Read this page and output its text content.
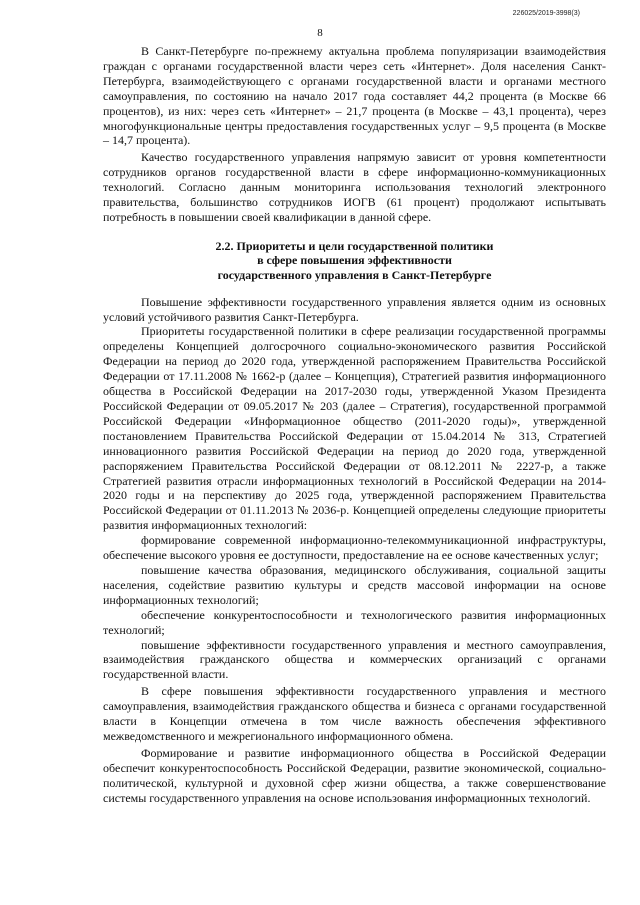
226025/2019-3998(3)
8

В Санкт-Петербурге по-прежнему актуальна проблема популяризации взаимодействия граждан с органами государственной власти через сеть «Интернет». Доля населения Санкт-Петербурга, взаимодействующего с органами государственной власти и органами местного самоуправления, по состоянию на начало 2017 года составляет 44,2 процента (в Москве 66 процентов), из них: через сеть «Интернет» – 21,7 процента (в Москве – 43,1 процента), через многофункциональные центры предоставления государственных услуг – 9,5 процента (в Москве – 14,7 процента).

Качество государственного управления напрямую зависит от уровня компетентности сотрудников органов государственной власти в сфере информационно-коммуникационных технологий. Согласно данным мониторинга использования технологий электронного правительства, большинство сотрудников ИОГВ (61 процент) продолжают испытывать потребность в повышении своей квалификации в данной сфере.

2.2. Приоритеты и цели государственной политики
в сфере повышения эффективности
государственного управления в Санкт-Петербурге

Повышение эффективности государственного управления является одним из основных условий устойчивого развития Санкт-Петербурга.

Приоритеты государственной политики в сфере реализации государственной программы определены Концепцией долгосрочного социально-экономического развития Российской Федерации на период до 2020 года, утвержденной распоряжением Правительства Российской Федерации от 17.11.2008 № 1662-р (далее – Концепция), Стратегией развития информационного общества в Российской Федерации на 2017-2030 годы, утвержденной Указом Президента Российской Федерации от 09.05.2017 № 203 (далее – Стратегия), государственной программой Российской Федерации «Информационное общество (2011-2020 годы)», утвержденной постановлением Правительства Российской Федерации от 15.04.2014 № 313, Стратегией инновационного развития Российской Федерации на период до 2020 года, утвержденной распоряжением Правительства Российской Федерации от 08.12.2011 № 2227-р, а также Стратегией развития отрасли информационных технологий в Российской Федерации на 2014-2020 годы и на перспективу до 2025 года, утвержденной распоряжением Правительства Российской Федерации от 01.11.2013 № 2036-р. Концепцией определены следующие приоритеты развития информационных технологий:

формирование современной информационно-телекоммуникационной инфраструктуры, обеспечение высокого уровня ее доступности, предоставление на ее основе качественных услуг;

повышение качества образования, медицинского обслуживания, социальной защиты населения, содействие развитию культуры и средств массовой информации на основе информационных технологий;

обеспечение конкурентоспособности и технологического развития информационных технологий;

повышение эффективности государственного управления и местного самоуправления, взаимодействия гражданского общества и коммерческих организаций с органами государственной власти.

В сфере повышения эффективности государственного управления и местного самоуправления, взаимодействия гражданского общества и бизнеса с органами государственной власти в Концепции отмечена в том числе важность обеспечения эффективного межведомственного и межрегионального информационного обмена.

Формирование и развитие информационного общества в Российской Федерации обеспечит конкурентоспособность Российской Федерации, развитие экономической, социально-политической, культурной и духовной сфер жизни общества, а также совершенствование системы государственного управления на основе использования информационных технологий.
